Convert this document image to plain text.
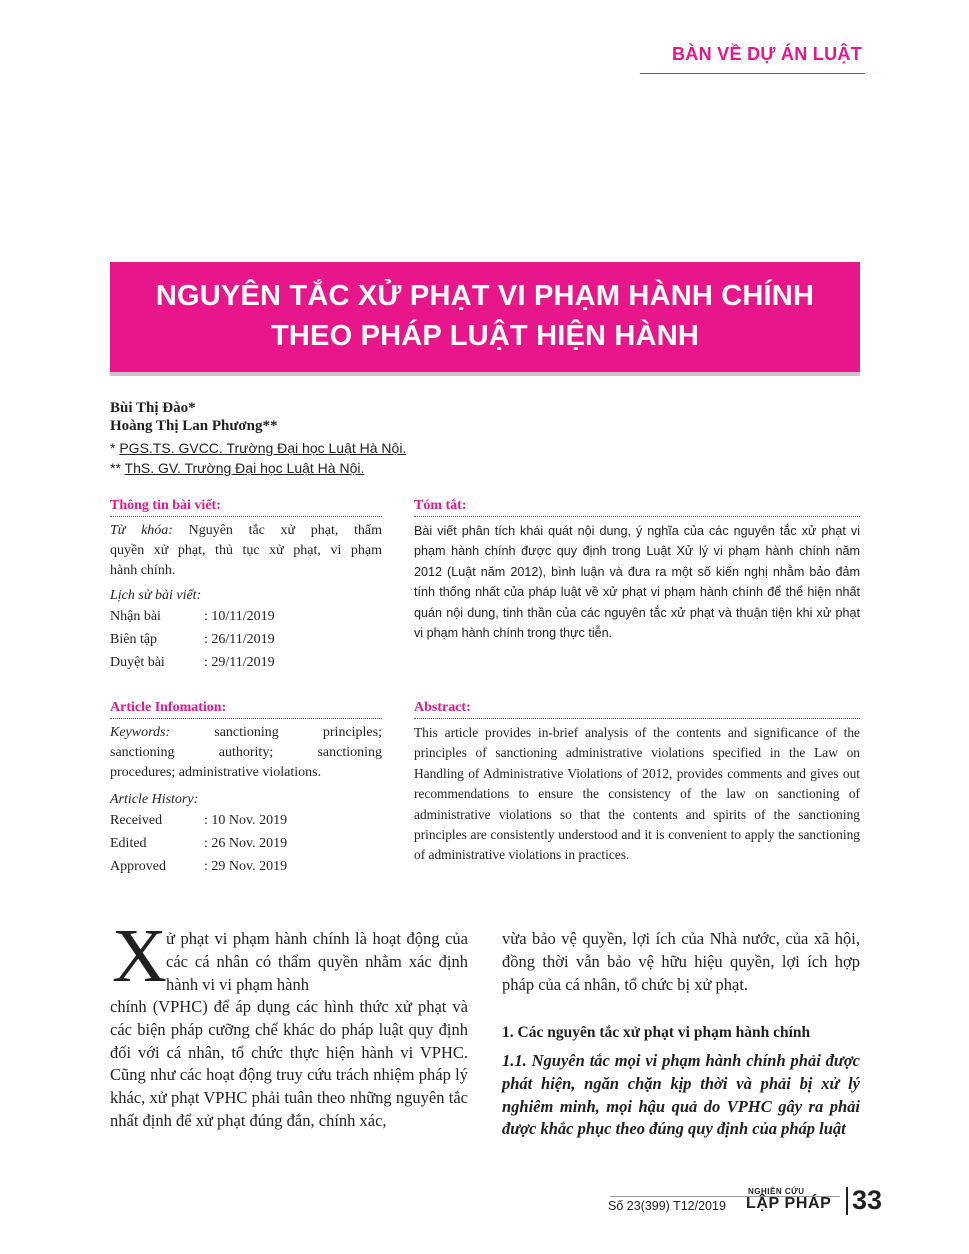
BÀN VỀ DỰ ÁN LUẬT
NGUYÊN TẮC XỬ PHẠT VI PHẠM HÀNH CHÍNH
THEO PHÁP LUẬT HIỆN HÀNH
Bùi Thị Đào*
Hoàng Thị Lan Phương**
* PGS.TS. GVCC. Trường Đại học Luật Hà Nội.
** ThS. GV. Trường Đại học Luật Hà Nội.
Thông tin bài viết:
Từ khóa: Nguyên tắc xử phạt, thẩm
quyền xử phạt, thủ tục xử phạt, vi phạm
hành chính.
Lịch sử bài viết:
Nhận bài	: 10/11/2019
Biên tập	: 26/11/2019
Duyệt bài	: 29/11/2019
Tóm tắt:
Bài viết phân tích khái quát nội dung, ý nghĩa của các nguyên tắc xử phạt vi phạm hành chính được quy định trong Luật Xử lý vi phạm hành chính năm 2012 (Luật năm 2012), bình luận và đưa ra một số kiến nghị nhằm bảo đảm tính thống nhất của pháp luật về xử phạt vi phạm hành chính để thể hiện nhất quán nội dung, tinh thần của các nguyên tắc xử phạt và thuận tiện khi xử phạt vi phạm hành chính trong thực tiễn.
Article Infomation:
Keywords:	sanctioning principles;
sanctioning authority; sanctioning
procedures; administrative violations.
Article History:
Received	: 10 Nov. 2019
Edited	: 26 Nov. 2019
Approved	: 29 Nov. 2019
Abstract:
This article provides in-brief analysis of the contents and significance of the principles of sanctioning administrative violations specified in the Law on Handling of Administrative Violations of 2012, provides comments and gives out recommendations to ensure the consistency of the law on sanctioning of administrative violations so that the contents and spirits of the sanctioning principles are consistently understood and it is convenient to apply the sanctioning of administrative violations in practices.
X ử phạt vi phạm hành chính là hoạt động của các cá nhân có thẩm quyền nhằm xác định hành vi vi phạm hành
chính (VPHC) để áp dụng các hình thức xử phạt và các biện pháp cưỡng chế khác do pháp luật quy định đối với cá nhân, tổ chức thực hiện hành vi VPHC. Cũng như các hoạt động truy cứu trách nhiệm pháp lý khác, xử phạt VPHC phải tuân theo những nguyên tắc nhất định để xử phạt đúng đắn, chính xác,
vừa bảo vệ quyền, lợi ích của Nhà nước, của xã hội, đồng thời vẫn bảo vệ hữu hiệu quyền, lợi ích hợp pháp của cá nhân, tổ chức bị xử phạt.
1. Các nguyên tắc xử phạt vi phạm hành chính
1.1. Nguyên tắc mọi vi phạm hành chính phải được phát hiện, ngăn chặn kịp thời và phải bị xử lý nghiêm minh, mọi hậu quả do VPHC gây ra phải được khắc phục theo đúng quy định của pháp luật
Số 23(399) T12/2019
NGHIÊN CỨU
LẬP PHÁP 33
